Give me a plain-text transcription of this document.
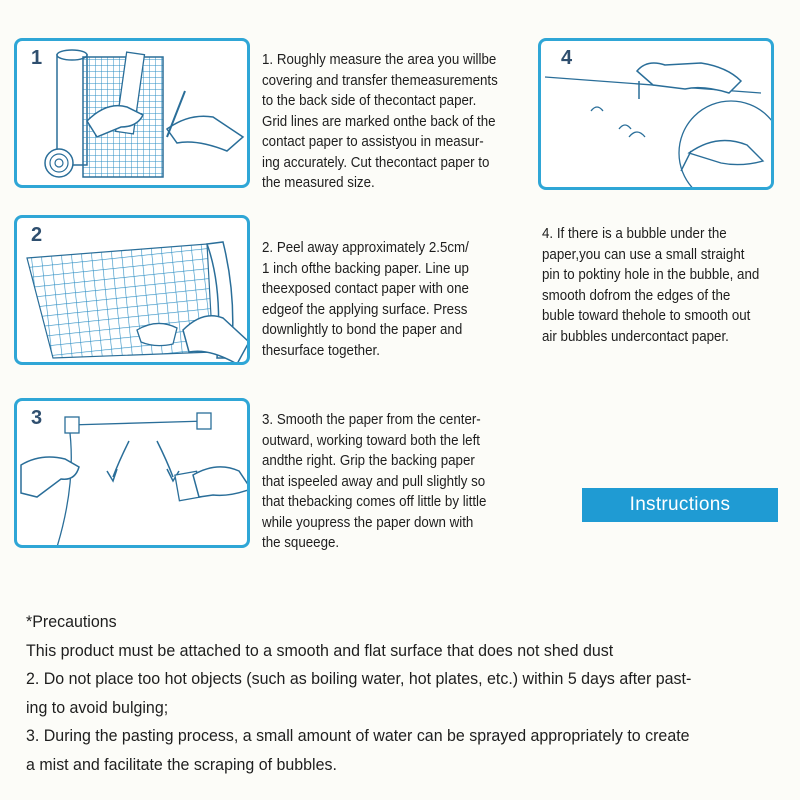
1	1. Roughly measure the area you willbe
covering and transfer themeasurements
to the back side of thecontact paper.
Grid lines are marked onthe back of the
contact paper to assistyou in measur-
ing accurately. Cut thecontact paper to
the measured size.
2
2. Peel away approximately 2.5cm/
1 inch ofthe backing paper. Line up
theexposed contact paper with one
edgeof the applying surface. Press
downlightly to bond the paper and
thesurface together.
3	3. Smooth the paper from the center-
outward, working toward both the left
andthe right. Grip the backing paper
that ispeeled away and pull slightly so
that thebacking comes off little by little
while youpress the paper down with
the squeege.
4
4. If there is a bubble under the
paper,you can use a small straight
pin to poktiny hole in the bubble, and
smooth dofrom the edges of the
buble toward thehole to smooth out
air bubbles undercontact paper.
Instructions
*Precautions
This product must be attached to a smooth and flat surface that does not shed dust
2. Do not place too hot objects (such as boiling water, hot plates, etc.) within 5 days after past-
ing to avoid bulging;
3. During the pasting process, a small amount of water can be sprayed appropriately to create
a mist and facilitate the scraping of bubbles.
